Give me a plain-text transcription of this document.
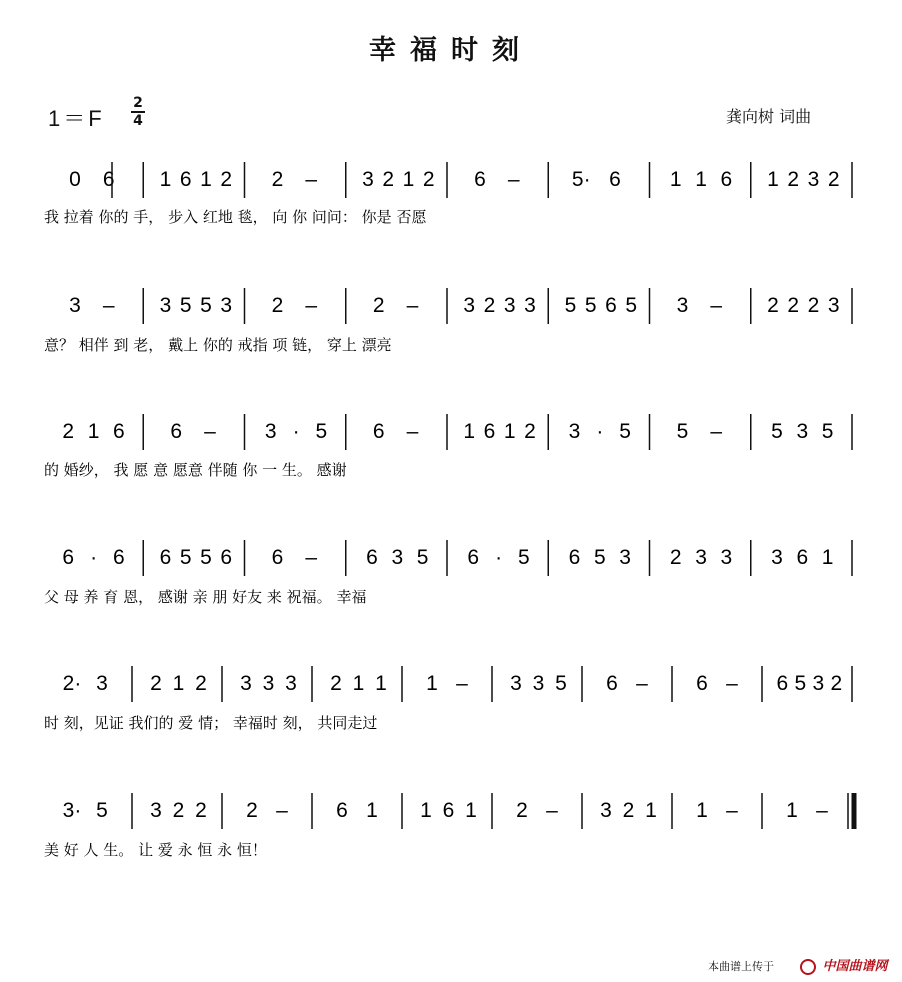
幸福时刻
1＝F
2
4	龚向树 词曲
0 6 1 6 1 2 2 – 3 2 1 2 6 – 5· 6 1 1 6 1 2 3 2
我 拉着 你的 手， 步入 红地 毯， 向 你 问问： 你是 否愿
3 – 3 5 5 3 2 –	2 – 3 2 3 3 5 5 6 5 3 – 2 2 2 3
意？ 相伴 到 老， 戴上 你的 戒指 项 链， 穿上 漂亮
2 1 6 6 – 3 · 5 6 – 1 6 1 2 3 · 5 5 – 5 3 5
的 婚纱， 我 愿 意 愿意 伴随 你 一 生。 感谢
6 · 6 6 5 5 6 6 – 6 3 5 6 · 5 6 5 3 2 3 3 3 6 1
父 母 养 育 恩， 感谢 亲 朋 好友 来 祝福。 幸福
2· 3 2 1 2 3 3 3 2 1 1 1 – 3 3 5 6 – 6 – 6 5 3 2
时 刻，见证 我们的 爱 情； 幸福时 刻， 共同走过
3· 5 3 2 2 2 – 6 1 1 6 1 2 – 3 2 1 1 – 1 –
美 好 人 生。 让 爱 永 恒 永 恒！
本曲谱上传于	中国曲谱网
